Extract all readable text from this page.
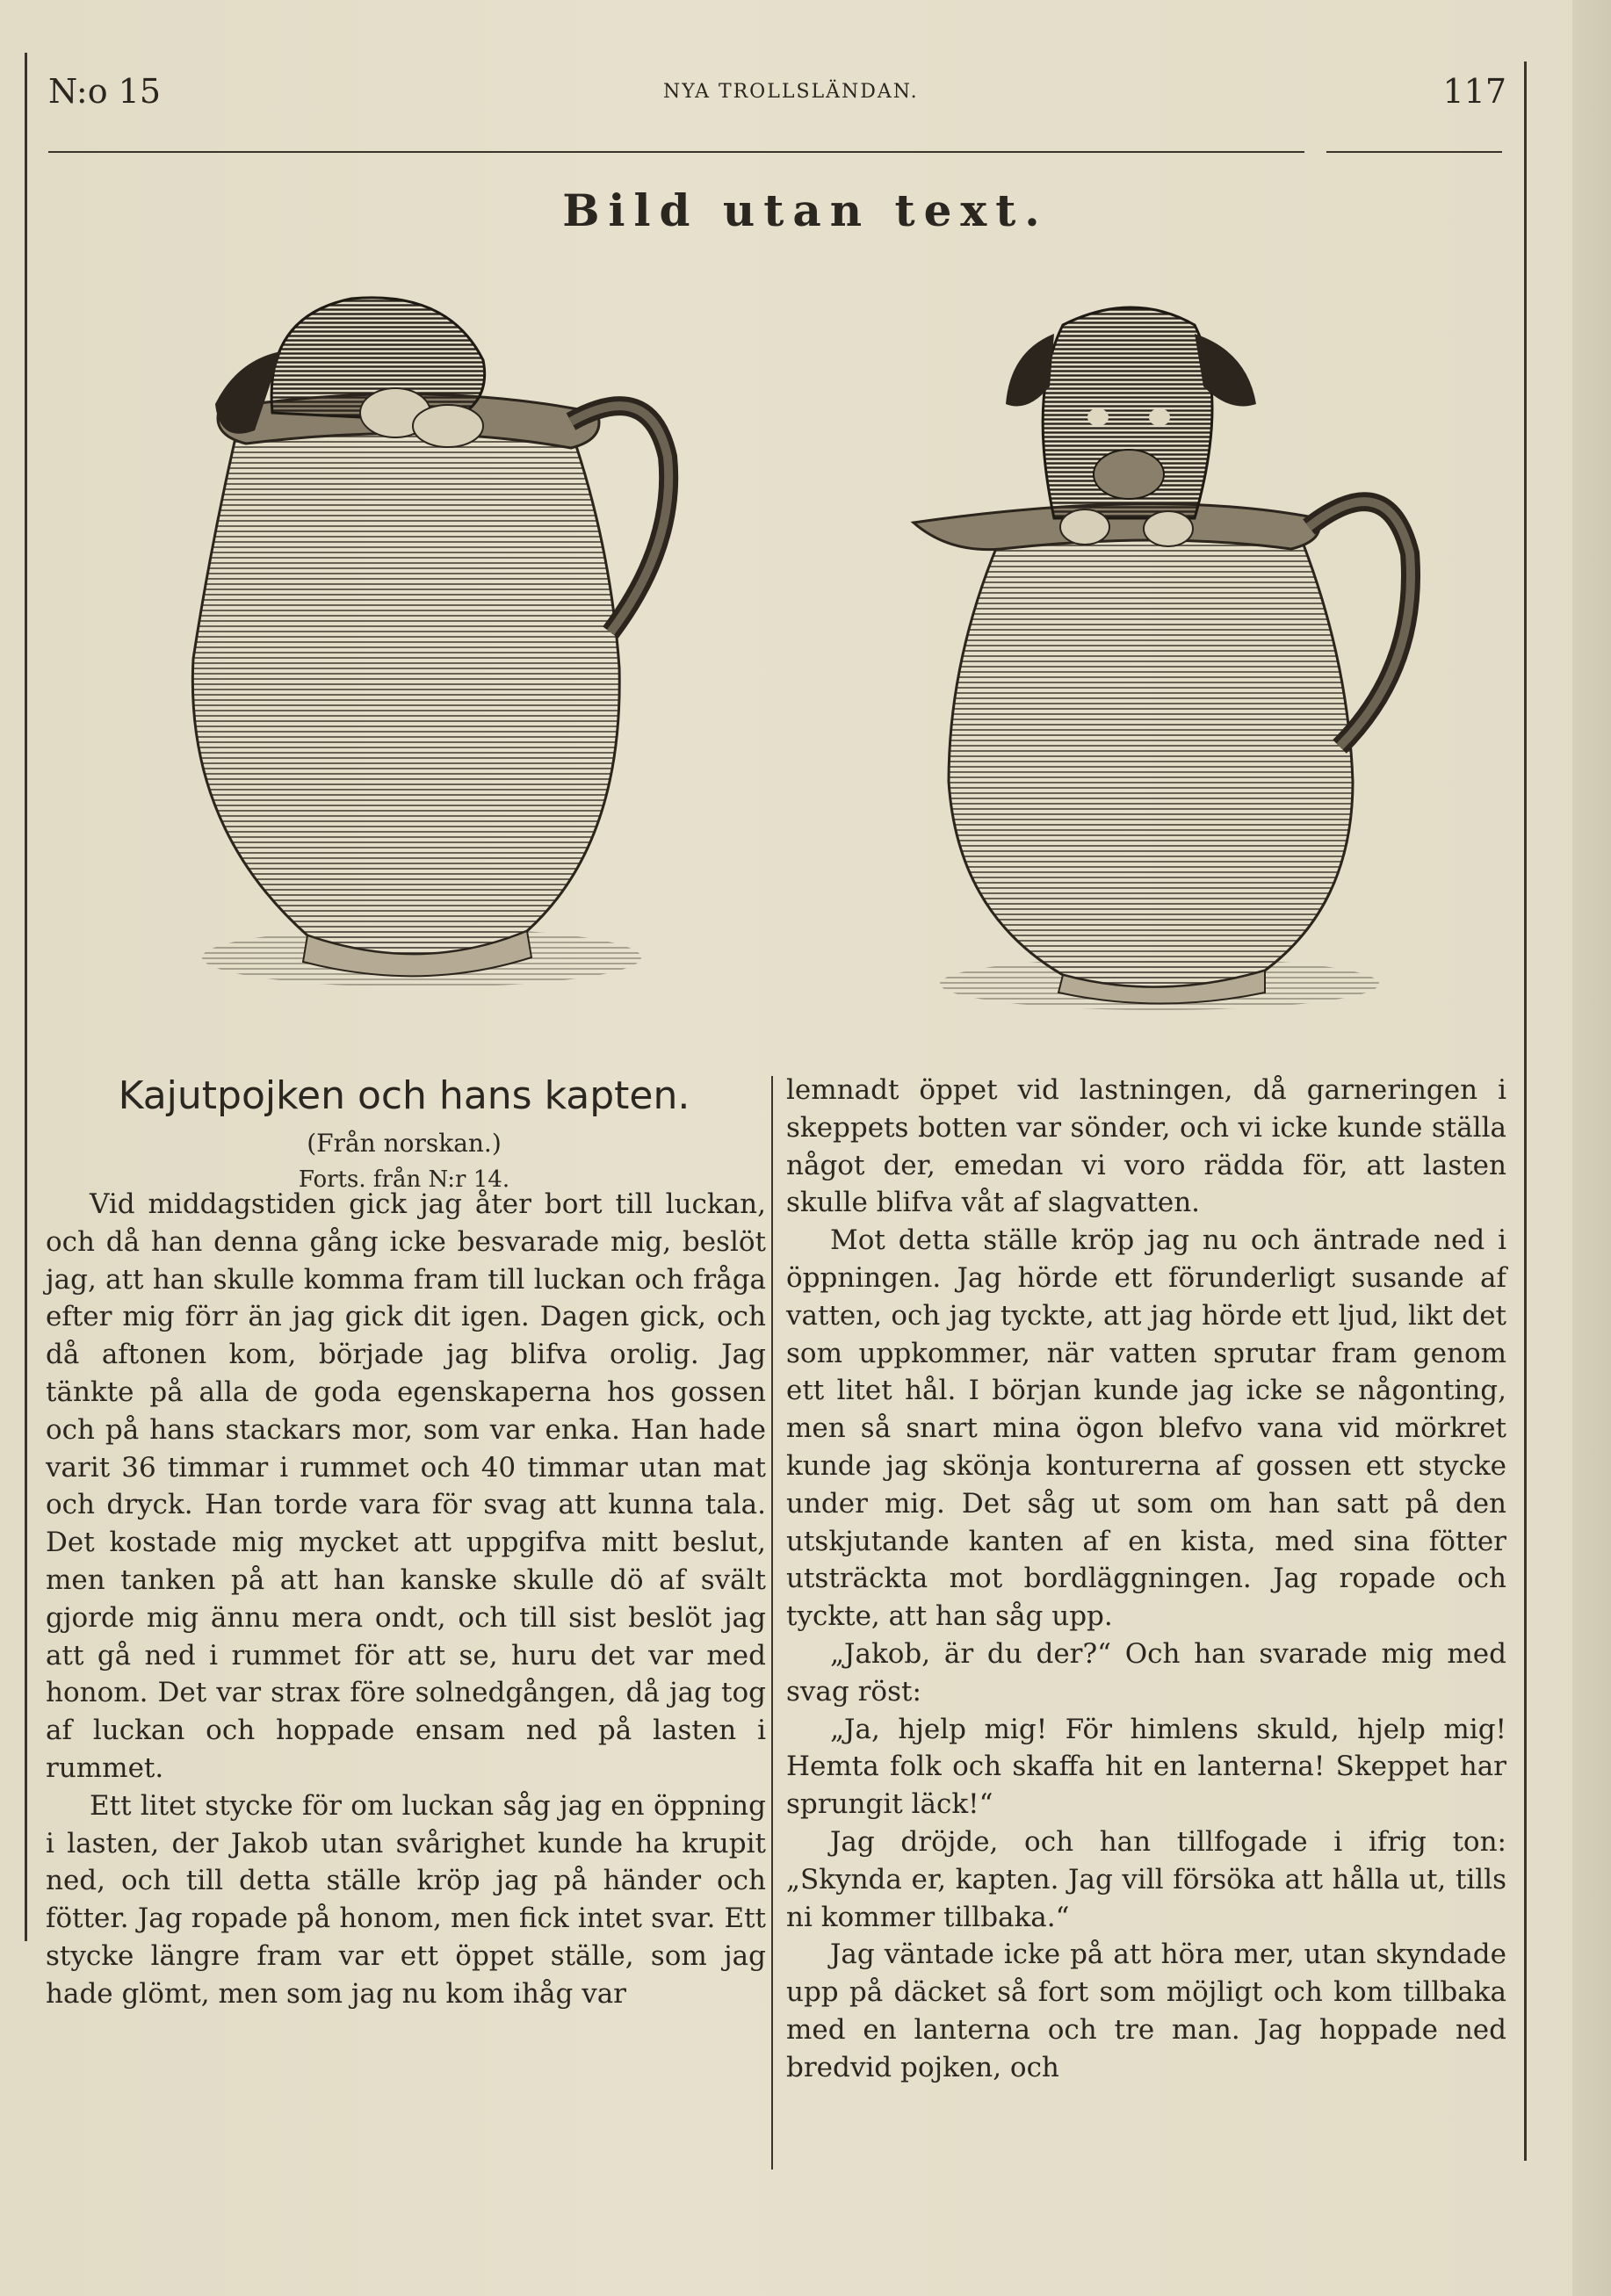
N:o 15	NYA TROLLSLÄNDAN.	117
Bild utan text.
Kajutpojken och hans kapten.
(Från norskan.)
Forts. från N:r 14.

Vid middagstiden gick jag åter bort till luckan, och då han denna gång icke besvarade mig, beslöt jag, att han skulle komma fram till luckan och fråga efter mig förr än jag gick dit igen. Dagen gick, och då aftonen kom, började jag blifva orolig. Jag tänkte på alla de goda egenskaperna hos gossen och på hans stackars mor, som var enka. Han hade varit 36 timmar i rummet och 40 timmar utan mat och dryck. Han torde vara för svag att kunna tala. Det kostade mig mycket att uppgifva mitt beslut, men tanken på att han kanske skulle dö af svält gjorde mig ännu mera ondt, och till sist beslöt jag att gå ned i rummet för att se, huru det var med honom. Det var strax före solnedgången, då jag tog af luckan och hoppade ensam ned på lasten i rummet.

Ett litet stycke för om luckan såg jag en öppning i lasten, der Jakob utan svårighet kunde ha krupit ned, och till detta ställe kröp jag på händer och fötter. Jag ropade på honom, men fick intet svar. Ett stycke längre fram var ett öppet ställe, som jag hade glömt, men som jag nu kom ihåg var

lemnadt öppet vid lastningen, då garneringen i skeppets botten var sönder, och vi icke kunde ställa något der, emedan vi voro rädda för, att lasten skulle blifva våt af slagvatten.

Mot detta ställe kröp jag nu och äntrade ned i öppningen. Jag hörde ett förunderligt susande af vatten, och jag tyckte, att jag hörde ett ljud, likt det som uppkommer, när vatten sprutar fram genom ett litet hål. I början kunde jag icke se någonting, men så snart mina ögon blefvo vana vid mörkret kunde jag skönja konturerna af gossen ett stycke under mig. Det såg ut som om han satt på den utskjutande kanten af en kista, med sina fötter utsträckta mot bordläggningen. Jag ropade och tyckte, att han såg upp.

„Jakob, är du der?“ Och han svarade mig med svag röst:

„Ja, hjelp mig! För himlens skuld, hjelp mig! Hemta folk och skaffa hit en lanterna! Skeppet har sprungit läck!“

Jag dröjde, och han tillfogade i ifrig ton: „Skynda er, kapten. Jag vill försöka att hålla ut, tills ni kommer tillbaka.“

Jag väntade icke på att höra mer, utan skyndade upp på däcket så fort som möjligt och kom tillbaka med en lanterna och tre man. Jag hoppade ned bredvid pojken, och
